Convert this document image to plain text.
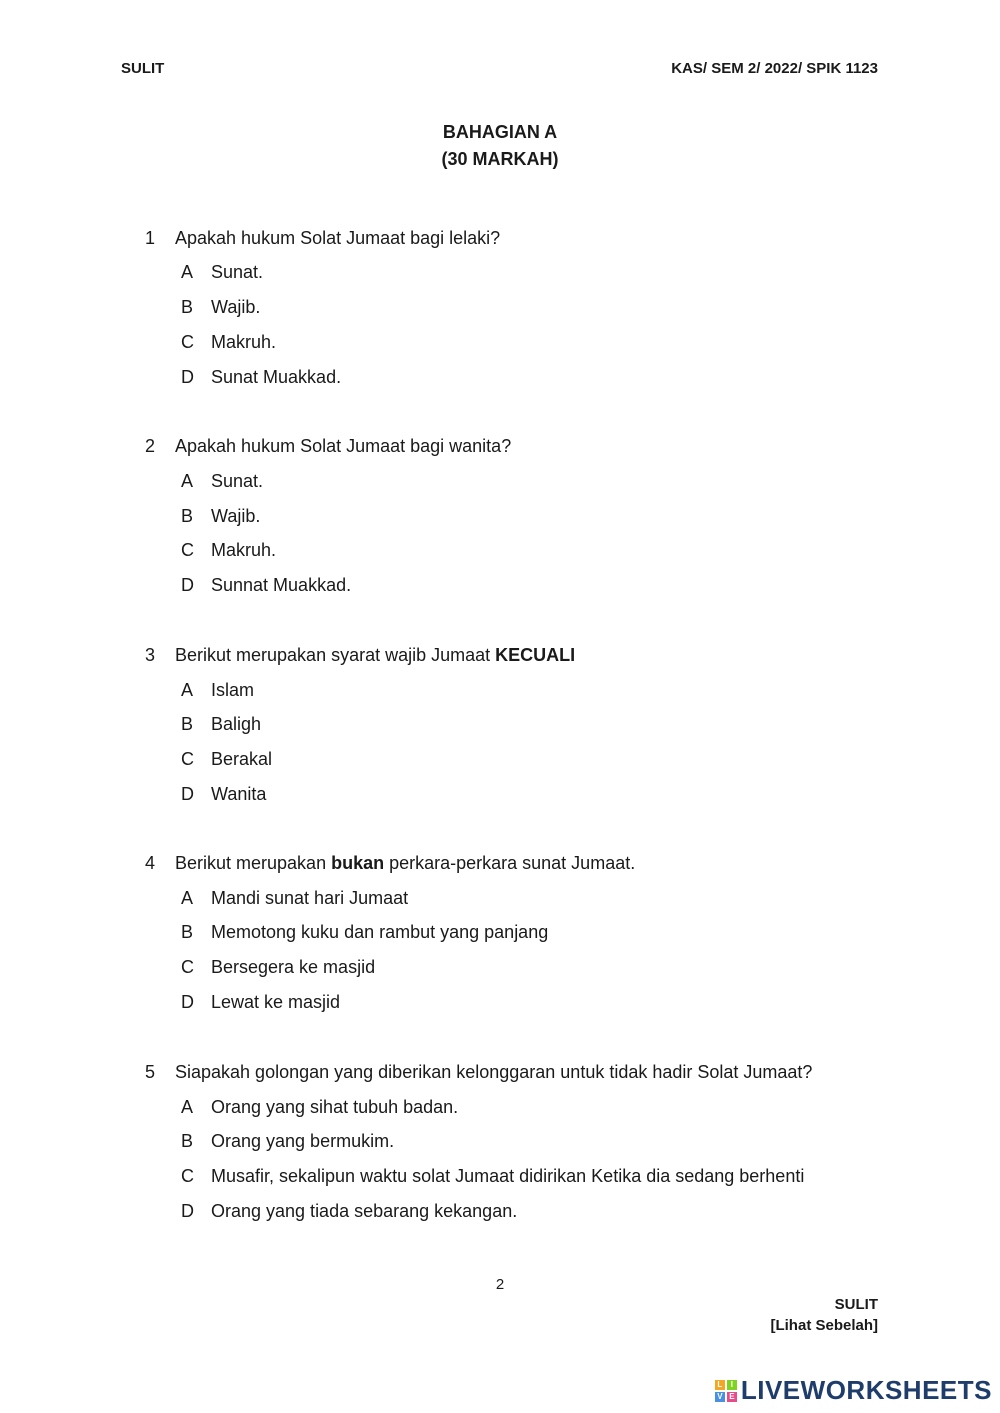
SULIT	KAS/ SEM 2/ 2022/ SPIK 1123
BAHAGIAN A
(30 MARKAH)
1 Apakah hukum Solat Jumaat bagi lelaki?
A Sunat.
B Wajib.
C Makruh.
D Sunat Muakkad.
2 Apakah hukum Solat Jumaat bagi wanita?
A Sunat.
B Wajib.
C Makruh.
D Sunnat Muakkad.
3 Berikut merupakan syarat wajib Jumaat KECUALI
A Islam
B Baligh
C Berakal
D Wanita
4 Berikut merupakan bukan perkara-perkara sunat Jumaat.
A Mandi sunat hari Jumaat
B Memotong kuku dan rambut yang panjang
C Bersegera ke masjid
D Lewat ke masjid
5 Siapakah golongan yang diberikan kelonggaran untuk tidak hadir Solat Jumaat?
A Orang yang sihat tubuh badan.
B Orang yang bermukim.
C Musafir, sekalipun waktu solat Jumaat didirikan Ketika dia sedang berhenti
D Orang yang tiada sebarang kekangan.
2
SULIT
[Lihat Sebelah]
L	I
V E LIVEWORKSHEETS
